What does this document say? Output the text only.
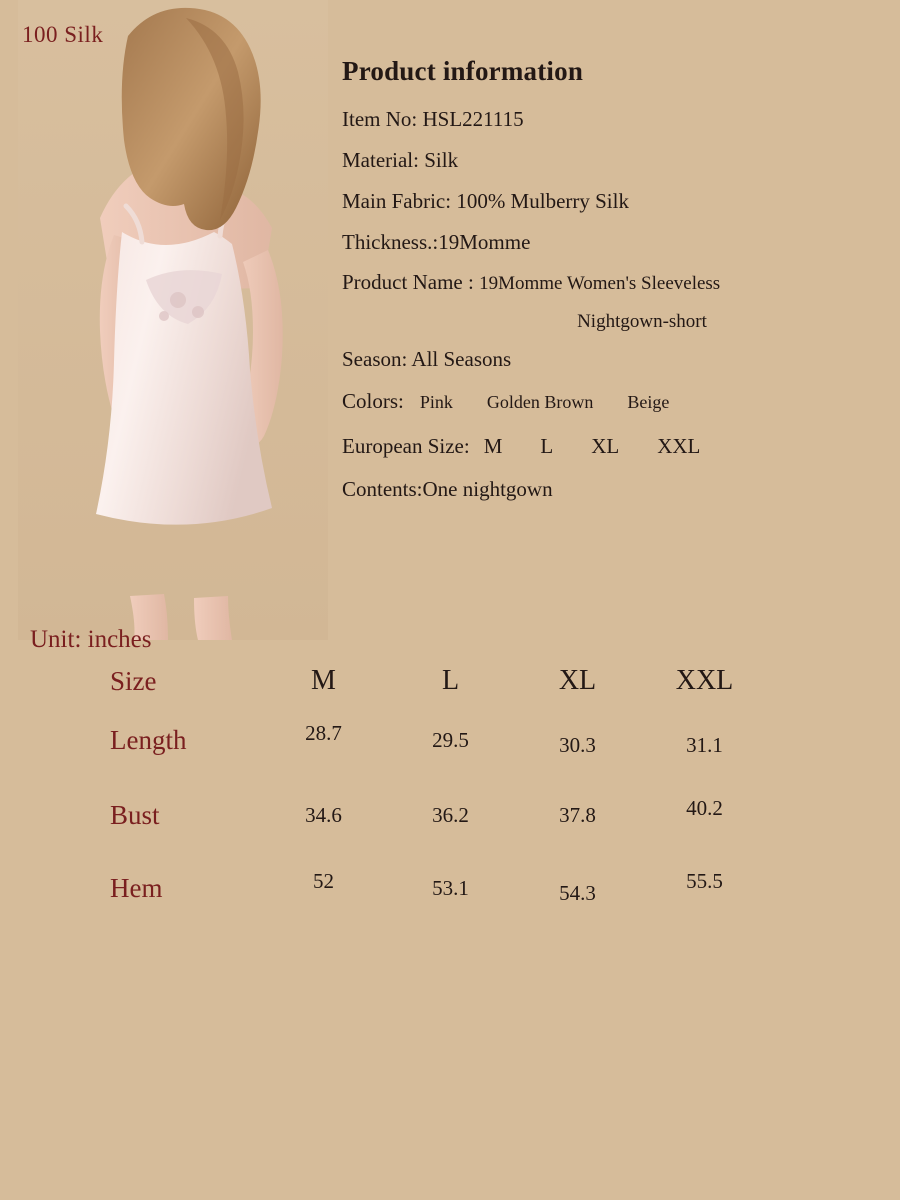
100 Silk
Product information

Item No: HSL221115

Material: Silk

Main Fabric: 100% Mulberry Silk

Thickness.:19Momme

Product Name : 19Momme Women's Sleeveless

Nightgown-short

Season: All Seasons

Colors: Pink Golden Brown Beige
European Size: M L XL XXL

Contents:One nightgown

Unit: inches
Size	M	L	XL	XXL
Length	28.7	29.5	30.3	31.1
Bust	34.6	36.2	37.8	40.2
Hem	52	53.1	54.3	55.5
